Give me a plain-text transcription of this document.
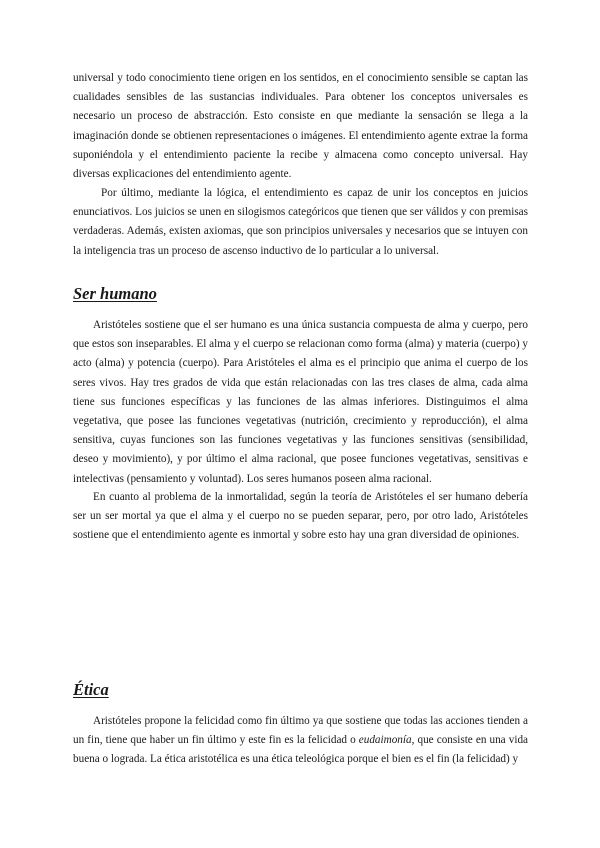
universal y todo conocimiento tiene origen en los sentidos, en el conocimiento sensible se captan las cualidades sensibles de las sustancias individuales. Para obtener los conceptos universales es necesario un proceso de abstracción. Esto consiste en que mediante la sensación se llega a la imaginación donde se obtienen representaciones o imágenes. El entendimiento agente extrae la forma suponiéndola y el entendimiento paciente la recibe y almacena como concepto universal. Hay diversas explicaciones del entendimiento agente.

Por último, mediante la lógica, el entendimiento es capaz de unir los conceptos en juicios enunciativos. Los juicios se unen en silogismos categóricos que tienen que ser válidos y con premisas verdaderas. Además, existen axiomas, que son principios universales y necesarios que se intuyen con la inteligencia tras un proceso de ascenso inductivo de lo particular a lo universal.

Ser humano

Aristóteles sostiene que el ser humano es una única sustancia compuesta de alma y cuerpo, pero que estos son inseparables. El alma y el cuerpo se relacionan como forma (alma) y materia (cuerpo) y acto (alma) y potencia (cuerpo). Para Aristóteles el alma es el principio que anima el cuerpo de los seres vivos. Hay tres grados de vida que están relacionadas con las tres clases de alma, cada alma tiene sus funciones específicas y las funciones de las almas inferiores. Distinguimos el alma vegetativa, que posee las funciones vegetativas (nutrición, crecimiento y reproducción), el alma sensitiva, cuyas funciones son las funciones vegetativas y las funciones sensitivas (sensibilidad, deseo y movimiento), y por último el alma racional, que posee funciones vegetativas, sensitivas e intelectivas (pensamiento y voluntad). Los seres humanos poseen alma racional.

En cuanto al problema de la inmortalidad, según la teoría de Aristóteles el ser humano debería ser un ser mortal ya que el alma y el cuerpo no se pueden separar, pero, por otro lado, Aristóteles sostiene que el entendimiento agente es inmortal y sobre esto hay una gran diversidad de opiniones.

Ética

Aristóteles propone la felicidad como fin último ya que sostiene que todas las acciones tienden a un fin, tiene que haber un fin último y este fin es la felicidad o eudaimonía, que consiste en una vida buena o lograda. La ética aristotélica es una ética teleológica porque el bien es el fin (la felicidad) y
